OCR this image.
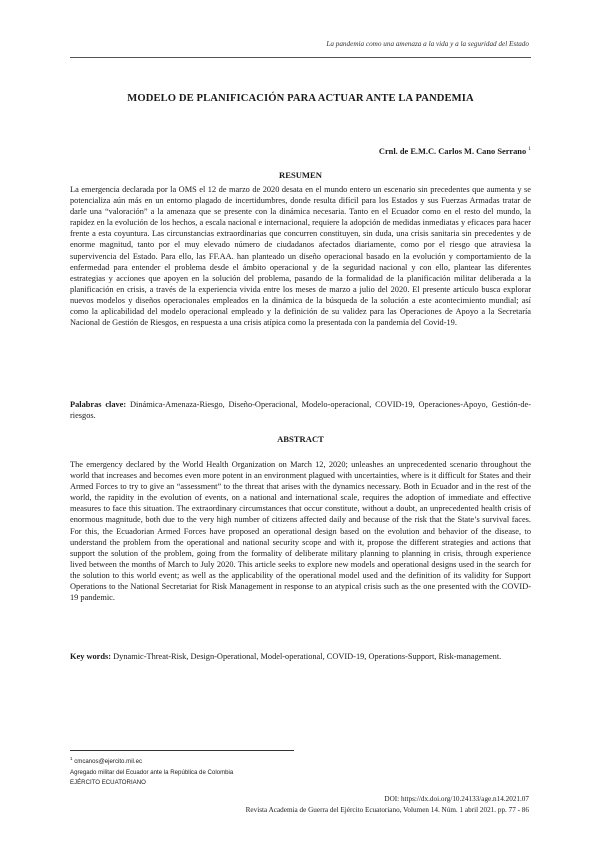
La pandemia como una amenaza a la vida y a la seguridad del Estado
MODELO DE PLANIFICACIÓN PARA ACTUAR ANTE LA PANDEMIA
Crnl. de E.M.C. Carlos M. Cano Serrano $^1$
RESUMEN
La emergencia declarada por la OMS el 12 de marzo de 2020 desata en el mundo entero un escenario sin precedentes que aumenta y se potencializa aún más en un entorno plagado de incertidumbres, donde resulta difícil para los Estados y sus Fuerzas Armadas tratar de darle una “valoración” a la amenaza que se presente con la dinámica necesaria. Tanto en el Ecuador como en el resto del mundo, la rapidez en la evolución de los hechos, a escala nacional e internacional, requiere la adopción de medidas inmediatas y eficaces para hacer frente a esta coyuntura. Las circunstancias extraordinarias que concurren constituyen, sin duda, una crisis sanitaria sin precedentes y de enorme magnitud, tanto por el muy elevado número de ciudadanos afectados diariamente, como por el riesgo que atraviesa la supervivencia del Estado. Para ello, las FF.AA. han planteado un diseño operacional basado en la evolución y comportamiento de la enfermedad para entender el problema desde el ámbito operacional y de la seguridad nacional y con ello, plantear las diferentes estrategias y acciones que apoyen en la solución del problema, pasando de la formalidad de la planificación militar deliberada a la planificación en crisis, a través de la experiencia vivida entre los meses de marzo a julio del 2020. El presente artículo busca explorar nuevos modelos y diseños operacionales empleados en la dinámica de la búsqueda de la solución a este acontecimiento mundial; así como la aplicabilidad del modelo operacional empleado y la definición de su validez para las Operaciones de Apoyo a la Secretaría Nacional de Gestión de Riesgos, en respuesta a una crisis atípica como la presentada con la pandemia del Covid-19.
Palabras clave: Dinámica-Amenaza-Riesgo, Diseño-Operacional, Modelo-operacional, COVID-19, Operaciones-Apoyo, Gestión-de-riesgos.
ABSTRACT
The emergency declared by the World Health Organization on March 12, 2020; unleashes an unprecedented scenario throughout the world that increases and becomes even more potent in an environment plagued with uncertainties, where is it difficult for States and their Armed Forces to try to give an “assessment” to the threat that arises with the dynamics necessary. Both in Ecuador and in the rest of the world, the rapidity in the evolution of events, on a national and international scale, requires the adoption of immediate and effective measures to face this situation. The extraordinary circumstances that occur constitute, without a doubt, an unprecedented health crisis of enormous magnitude, both due to the very high number of citizens affected daily and because of the risk that the State’s survival faces. For this, the Ecuadorian Armed Forces have proposed an operational design based on the evolution and behavior of the disease, to understand the problem from the operational and national security scope and with it, propose the different strategies and actions that support the solution of the problem, going from the formality of deliberate military planning to planning in crisis, through experience lived between the months of March to July 2020. This article seeks to explore new models and operational designs used in the search for the solution to this world event; as well as the applicability of the operational model used and the definition of its validity for Support Operations to the National Secretariat for Risk Management in response to an atypical crisis such as the one presented with the COVID-19 pandemic.
Key words: Dynamic-Threat-Risk, Design-Operational, Model-operational, COVID-19, Operations-Support, Risk-management.
$^1$ cmcanos@ejercito.mil.ec
Agregado militar del Ecuador ante la República de Colombia
EJÉRCITO ECUATORIANO
DOI: https://dx.doi.org/10.24133/age.n14.2021.07
Revista Academia de Guerra del Ejército Ecuatoriano, Volumen 14. Núm. 1 abril 2021. pp. 77 - 86
